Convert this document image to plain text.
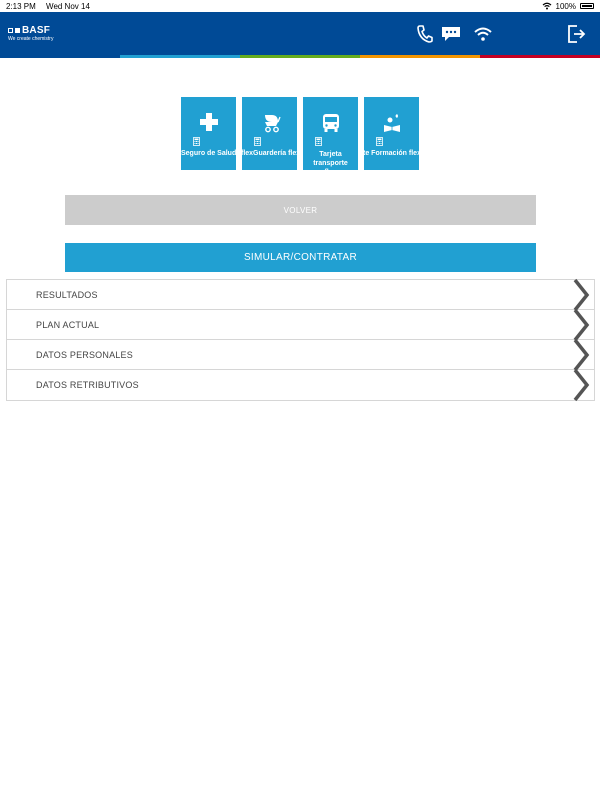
2:13 PM Wed Nov 14	100%
BASF
We create chemistry
Seguro de Salud flexGuardería flex	Tarjeta transporte flex
te Formación flex
VOLVER
SIMULAR/CONTRATAR
RESULTADOS
PLAN ACTUAL
DATOS PERSONALES
DATOS RETRIBUTIVOS
